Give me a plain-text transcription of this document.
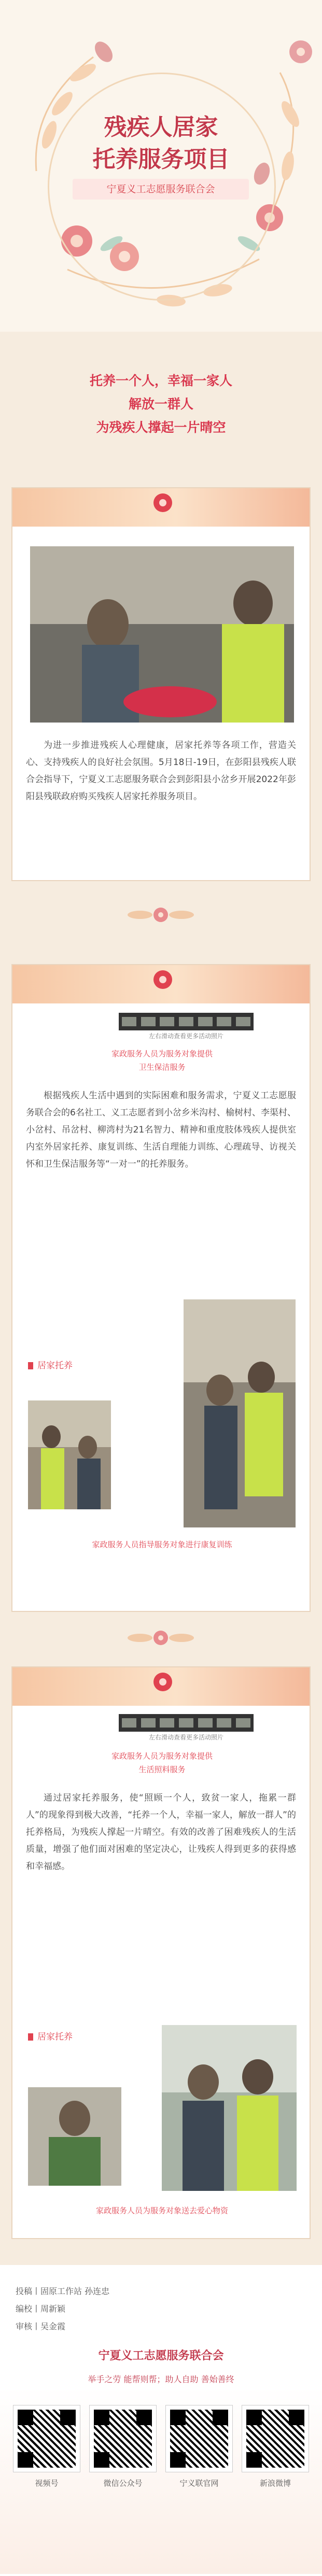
残疾人居家
托养服务项目
宁夏义工志愿服务联合会
托养一个人，幸福一家人
解放一群人
为残疾人撑起一片晴空

为进一步推进残疾人心理健康，居家托养等各项工作，营造关心、支持残疾人的良好社会氛围。5月18日-19日，在彭阳县残疾人联合会指导下，宁夏义工志愿服务联合会到彭阳县小岔乡开展2022年彭阳县残联政府购买残疾人居家托养服务项目。

左右滑动查看更多活动照片
家政服务人员为服务对象提供
卫生保洁服务

根据残疾人生活中遇到的实际困难和服务需求，宁夏义工志愿服务联合会的6名社工、义工志愿者到小岔乡米沟村、榆树村、李渠村、小岔村、吊岔村、柳湾村为21名智力、精神和重度肢体残疾人提供室内室外居家托养、康复训练、生活自理能力训练、心理疏导、访视关怀和卫生保洁服务等“一对一”的托养服务。

居家托养
家政服务人员指导服务对象进行康复训练
左右滑动查看更多活动照片
家政服务人员为服务对象提供
生活照料服务

通过居家托养服务，使“照顾一个人，致贫一家人，拖累一群人”的现象得到极大改善，“托养一个人，幸福一家人，解放一群人”的托养格局，为残疾人撑起一片晴空。有效的改善了困难残疾人的生活质量，增强了他们面对困难的坚定决心，让残疾人得到更多的获得感和幸福感。

居家托养
家政服务人员为服务对象送去爱心物资
投稿丨固原工作站 孙连忠
编校丨周新颖
审核丨吴金霞
宁夏义工志愿服务联合会
举手之劳 能帮则帮；助人自助 善始善终
视频号	微信公众号	宁义联官网	新浪微博
